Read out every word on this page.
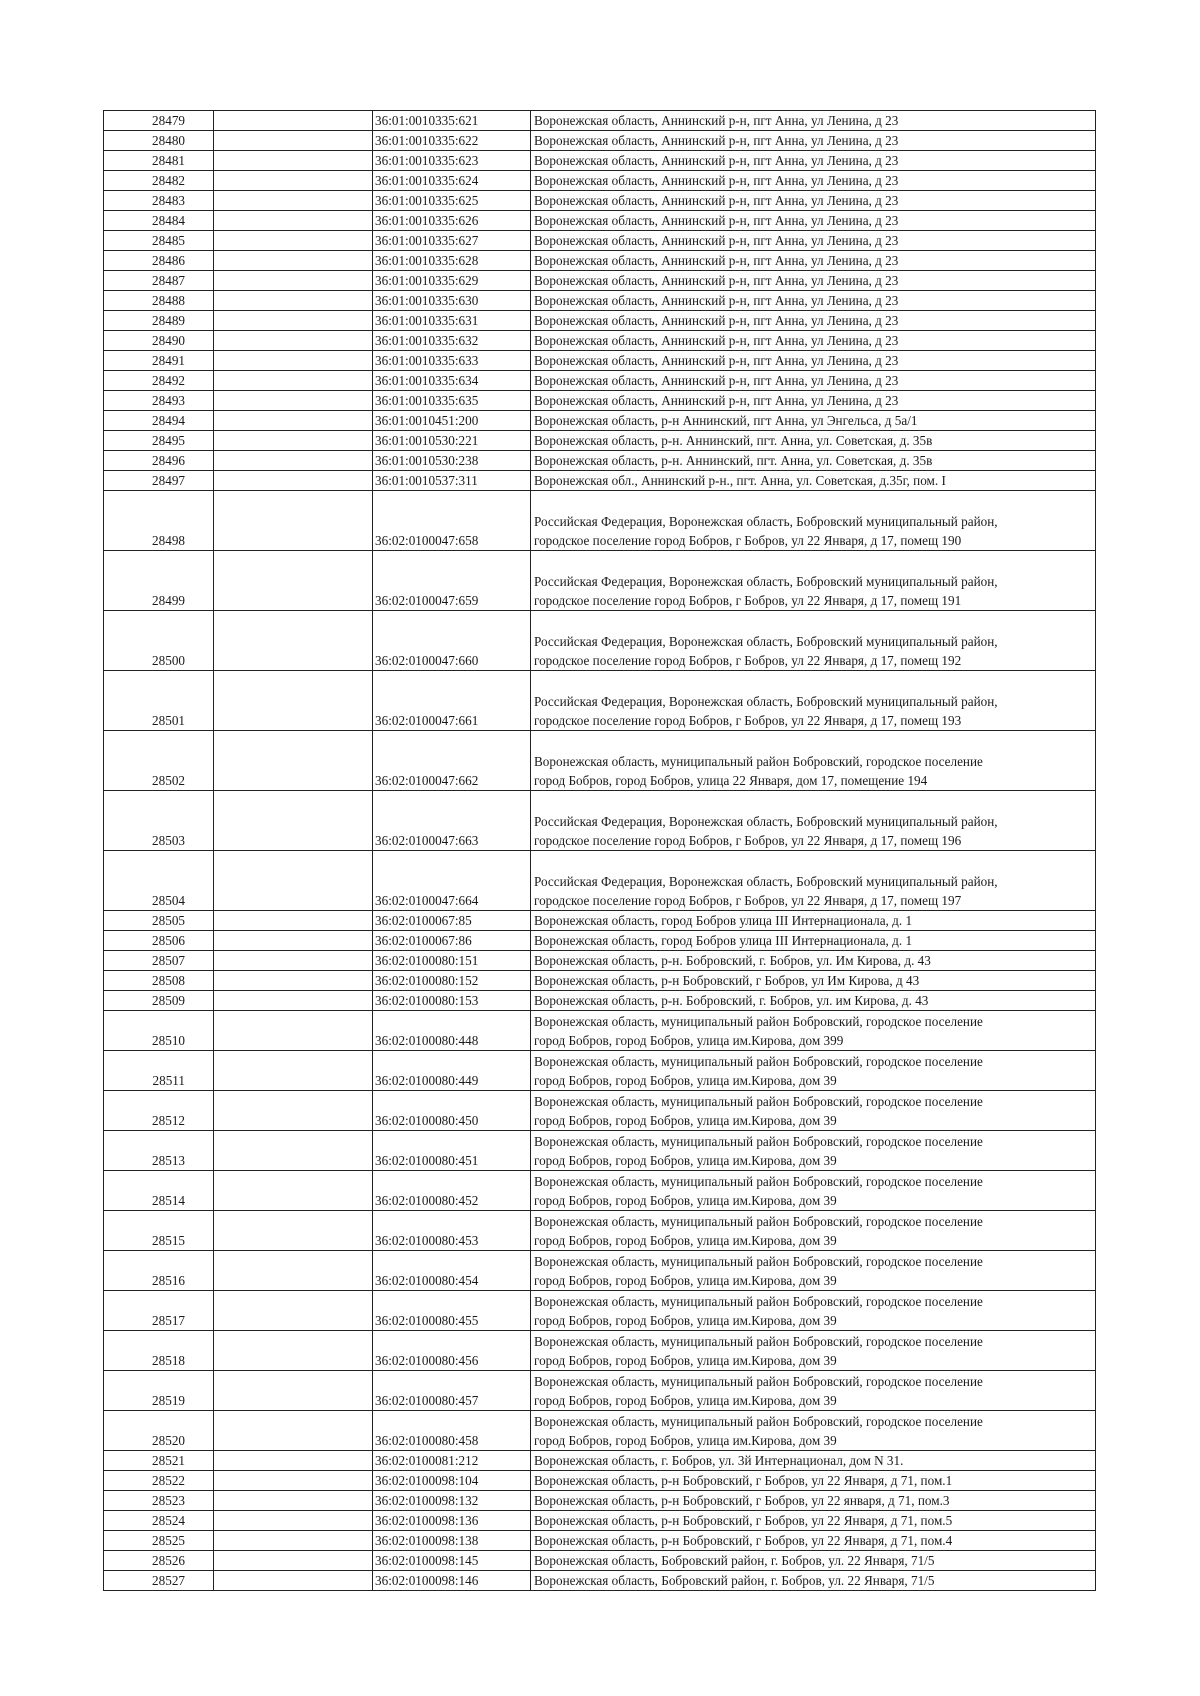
28479		36:01:0010335:621	Воронежская область, Аннинский р-н, пгт Анна, ул Ленина, д 23
28480		36:01:0010335:622	Воронежская область, Аннинский р-н, пгт Анна, ул Ленина, д 23
28481		36:01:0010335:623	Воронежская область, Аннинский р-н, пгт Анна, ул Ленина, д 23
28482		36:01:0010335:624	Воронежская область, Аннинский р-н, пгт Анна, ул Ленина, д 23
28483		36:01:0010335:625	Воронежская область, Аннинский р-н, пгт Анна, ул Ленина, д 23
28484		36:01:0010335:626	Воронежская область, Аннинский р-н, пгт Анна, ул Ленина, д 23
28485		36:01:0010335:627	Воронежская область, Аннинский р-н, пгт Анна, ул Ленина, д 23
28486		36:01:0010335:628	Воронежская область, Аннинский р-н, пгт Анна, ул Ленина, д 23
28487		36:01:0010335:629	Воронежская область, Аннинский р-н, пгт Анна, ул Ленина, д 23
28488		36:01:0010335:630	Воронежская область, Аннинский р-н, пгт Анна, ул Ленина, д 23
28489		36:01:0010335:631	Воронежская область, Аннинский р-н, пгт Анна, ул Ленина, д 23
28490		36:01:0010335:632	Воронежская область, Аннинский р-н, пгт Анна, ул Ленина, д 23
28491		36:01:0010335:633	Воронежская область, Аннинский р-н, пгт Анна, ул Ленина, д 23
28492		36:01:0010335:634	Воронежская область, Аннинский р-н, пгт Анна, ул Ленина, д 23
28493		36:01:0010335:635	Воронежская область, Аннинский р-н, пгт Анна, ул Ленина, д 23
28494		36:01:0010451:200	Воронежская область, р-н Аннинский, пгт Анна, ул Энгельса, д 5а/1
28495		36:01:0010530:221	Воронежская область, р-н. Аннинский, пгт. Анна, ул. Советская, д. 35в
28496		36:01:0010530:238	Воронежская область, р-н. Аннинский, пгт. Анна, ул. Советская, д. 35в
28497		36:01:0010537:311	Воронежская обл., Аннинский р-н., пгт. Анна, ул. Советская, д.35г, пом. I
28498		36:02:0100047:658	Российская Федерация, Воронежская область, Бобровский муниципальный район,
городское поселение город Бобров, г Бобров, ул 22 Января, д 17, помещ 190
28499		36:02:0100047:659	Российская Федерация, Воронежская область, Бобровский муниципальный район,
городское поселение город Бобров, г Бобров, ул 22 Января, д 17, помещ 191
28500		36:02:0100047:660	Российская Федерация, Воронежская область, Бобровский муниципальный район,
городское поселение город Бобров, г Бобров, ул 22 Января, д 17, помещ 192
28501		36:02:0100047:661	Российская Федерация, Воронежская область, Бобровский муниципальный район,
городское поселение город Бобров, г Бобров, ул 22 Января, д 17, помещ 193
28502		36:02:0100047:662	Воронежская область, муниципальный район Бобровский, городское поселение
город Бобров, город Бобров, улица 22 Января, дом 17, помещение 194
28503		36:02:0100047:663	Российская Федерация, Воронежская область, Бобровский муниципальный район,
городское поселение город Бобров, г Бобров, ул 22 Января, д 17, помещ 196
28504		36:02:0100047:664	Российская Федерация, Воронежская область, Бобровский муниципальный район,
городское поселение город Бобров, г Бобров, ул 22 Января, д 17, помещ 197
28505		36:02:0100067:85	Воронежская область, город Бобров улица III Интернационала, д. 1
28506		36:02:0100067:86	Воронежская область, город Бобров улица III Интернационала, д. 1
28507		36:02:0100080:151	Воронежская область, р-н. Бобровский, г. Бобров, ул. Им Кирова, д. 43
28508		36:02:0100080:152	Воронежская область, р-н Бобровский, г Бобров, ул Им Кирова, д 43
28509		36:02:0100080:153	Воронежская область, р-н. Бобровский, г. Бобров, ул. им Кирова, д. 43
28510		36:02:0100080:448	Воронежская область, муниципальный район Бобровский, городское поселение
город Бобров, город Бобров, улица им.Кирова, дом 399
28511		36:02:0100080:449	Воронежская область, муниципальный район Бобровский, городское поселение
город Бобров, город Бобров, улица им.Кирова, дом 39
28512		36:02:0100080:450	Воронежская область, муниципальный район Бобровский, городское поселение
город Бобров, город Бобров, улица им.Кирова, дом 39
28513		36:02:0100080:451	Воронежская область, муниципальный район Бобровский, городское поселение
город Бобров, город Бобров, улица им.Кирова, дом 39
28514		36:02:0100080:452	Воронежская область, муниципальный район Бобровский, городское поселение
город Бобров, город Бобров, улица им.Кирова, дом 39
28515		36:02:0100080:453	Воронежская область, муниципальный район Бобровский, городское поселение
город Бобров, город Бобров, улица им.Кирова, дом 39
28516		36:02:0100080:454	Воронежская область, муниципальный район Бобровский, городское поселение
город Бобров, город Бобров, улица им.Кирова, дом 39
28517		36:02:0100080:455	Воронежская область, муниципальный район Бобровский, городское поселение
город Бобров, город Бобров, улица им.Кирова, дом 39
28518		36:02:0100080:456	Воронежская область, муниципальный район Бобровский, городское поселение
город Бобров, город Бобров, улица им.Кирова, дом 39
28519		36:02:0100080:457	Воронежская область, муниципальный район Бобровский, городское поселение
город Бобров, город Бобров, улица им.Кирова, дом 39
28520		36:02:0100080:458	Воронежская область, муниципальный район Бобровский, городское поселение
город Бобров, город Бобров, улица им.Кирова, дом 39
28521		36:02:0100081:212	Воронежская область, г. Бобров, ул. 3й Интернационал, дом N 31.
28522		36:02:0100098:104	Воронежская область, р-н Бобровский, г Бобров, ул 22 Января, д 71, пом.1
28523		36:02:0100098:132	Воронежская область, р-н Бобровский, г Бобров, ул 22 января, д 71, пом.3
28524		36:02:0100098:136	Воронежская область, р-н Бобровский, г Бобров, ул 22 Января, д 71, пом.5
28525		36:02:0100098:138	Воронежская область, р-н Бобровский, г Бобров, ул 22 Января, д 71, пом.4
28526		36:02:0100098:145	Воронежская область, Бобровский район, г. Бобров, ул. 22 Января, 71/5
28527		36:02:0100098:146	Воронежская область, Бобровский район, г. Бобров, ул. 22 Января, 71/5
